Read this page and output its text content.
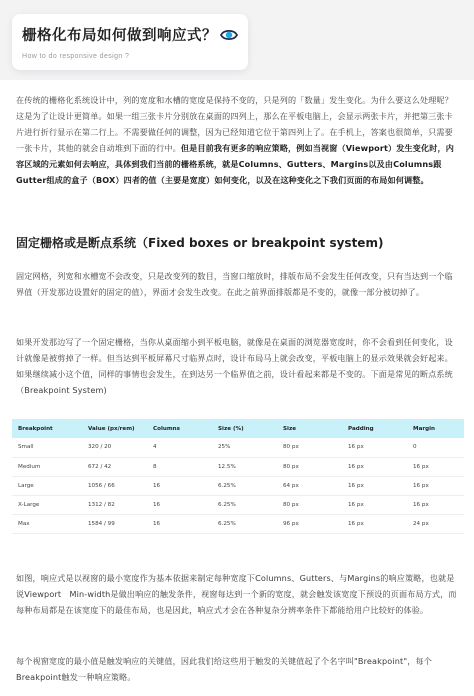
栅格化布局如何做到响应式？
How to do responsive design ?
在传统的栅格化系统设计中，列的宽度和水槽的宽度是保持不变的，只是列的「数量」发生变化。为什么要这么处理呢？这是为了让设计更简单。如果一组三张卡片分别放在桌面的四列上，那么在平板电脑上，会显示两张卡片，并把第三张卡片进行折行显示在第二行上。不需要做任何的调整，因为已经知道它位于第四列上了。在手机上，答案也很简单，只需要一张卡片，其他的就会自动堆到下面的行中。但是目前我有更多的响应策略，例如当视窗（Viewport）发生变化时，内容区域的元素如何去响应，具体到我们当前的栅格系统，就是Columns、Gutters、Margins以及由Columns跟Gutter组成的盒子（BOX）四者的值（主要是宽度）如何变化，以及在这种变化之下我们页面的布局如何调整。
固定栅格或是断点系统（Fixed boxes or breakpoint system)
固定网格，列宽和水槽宽不会改变，只是改变列的数目，当窗口缩放时，排版布局不会发生任何改变，只有当达到一个临界值（开发那边设置好的固定的值），界面才会发生改变。在此之前界面排版都是不变的，就像一部分被切掉了。
如果开发那边写了一个固定栅格，当你从桌面缩小到平板电脑，就像是在桌面的浏览器宽度时，你不会看到任何变化，设计就像是被剪掉了一样。但当达到平板屏幕尺寸临界点时，设计布局马上就会改变，平板电脑上的显示效果就会好起来。如果继续减小这个值，同样的事情也会发生，在到达另一个临界值之前，设计看起来都是不变的。下面是常见的断点系统（Breakpoint System)
Breakpoint	Value (px/rem)	Columns	Size (%)	Size	Padding	Margin
Small	320 / 20	4	25%	80 px	16 px	0
Medium	672 / 42	8	12.5%	80 px	16 px	16 px
Large	1056 / 66	16	6.25%	64 px	16 px	16 px
X-Large	1312 / 82	16	6.25%	80 px	16 px	16 px
Max	1584 / 99	16	6.25%	96 px	16 px	24 px
如图，响应式是以视窗的最小宽度作为基本依据来制定每种宽度下Columns、Gutters、与Margins的响应策略，也就是说Viewport　Min-width是做出响应的触发条件，视窗每达到一个新的宽度，就会触发该宽度下预设的页面布局方式，而每种布局都是在该宽度下的最佳布局，也是因此，响应式才会在各种复杂分辨率条件下都能给用户比较好的体验。
每个视窗宽度的最小值是触发响应的关键值，因此我们给这些用于触发的关键值起了个名字叫"Breakpoint"，每个Breakpoint触发一种响应策略。
